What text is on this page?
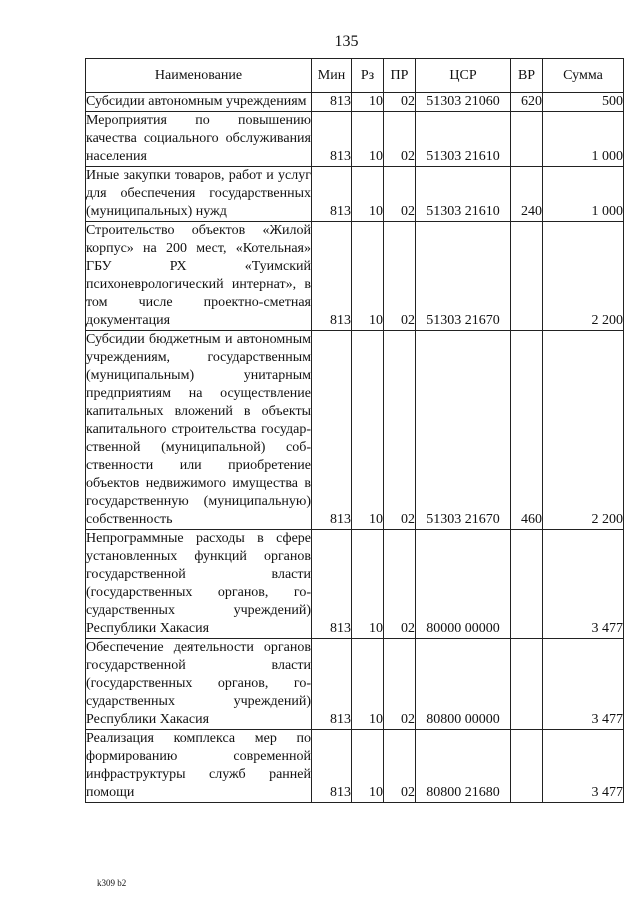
135
Наименование	Мин	Рз	ПР	ЦСР	ВР	Сумма
Субсидии автономным учреждениям	813	10	02	51303 21060	620	500
Мероприятия по повышению качества социального обслуживания населения	813	10	02	51303 21610		1 000
Иные закупки товаров, работ и услуг для обеспечения государственных (муниципальных) нужд	813	10	02	51303 21610	240	1 000
Строительство объектов «Жилой корпус» на 200 мест, «Котельная» ГБУ РХ «Туимский психоневрологический интернат», в том числе проектно-сметная документация	813	10	02	51303 21670		2 200
Субсидии бюджетным и автономным учреждениям, государственным (муниципальным) унитарным предприятиям на осуществление капитальных вложений в объекты капитального строительства государственной (муниципальной) собственности или приобретение объектов недвижимого имущества в государственную (муниципальную) собственность	813	10	02	51303 21670	460	2 200
Непрограммные расходы в сфере установленных функций органов государственной власти (государственных органов, государственных учреждений) Республики Хакасия	813	10	02	80000 00000		3 477
Обеспечение деятельности органов государственной власти (государственных органов, государственных учреждений) Республики Хакасия	813	10	02	80800 00000		3 477
Реализация комплекса мер по формированию современной инфраструктуры служб ранней помощи	813	10	02	80800 21680		3 477
k309 b2
